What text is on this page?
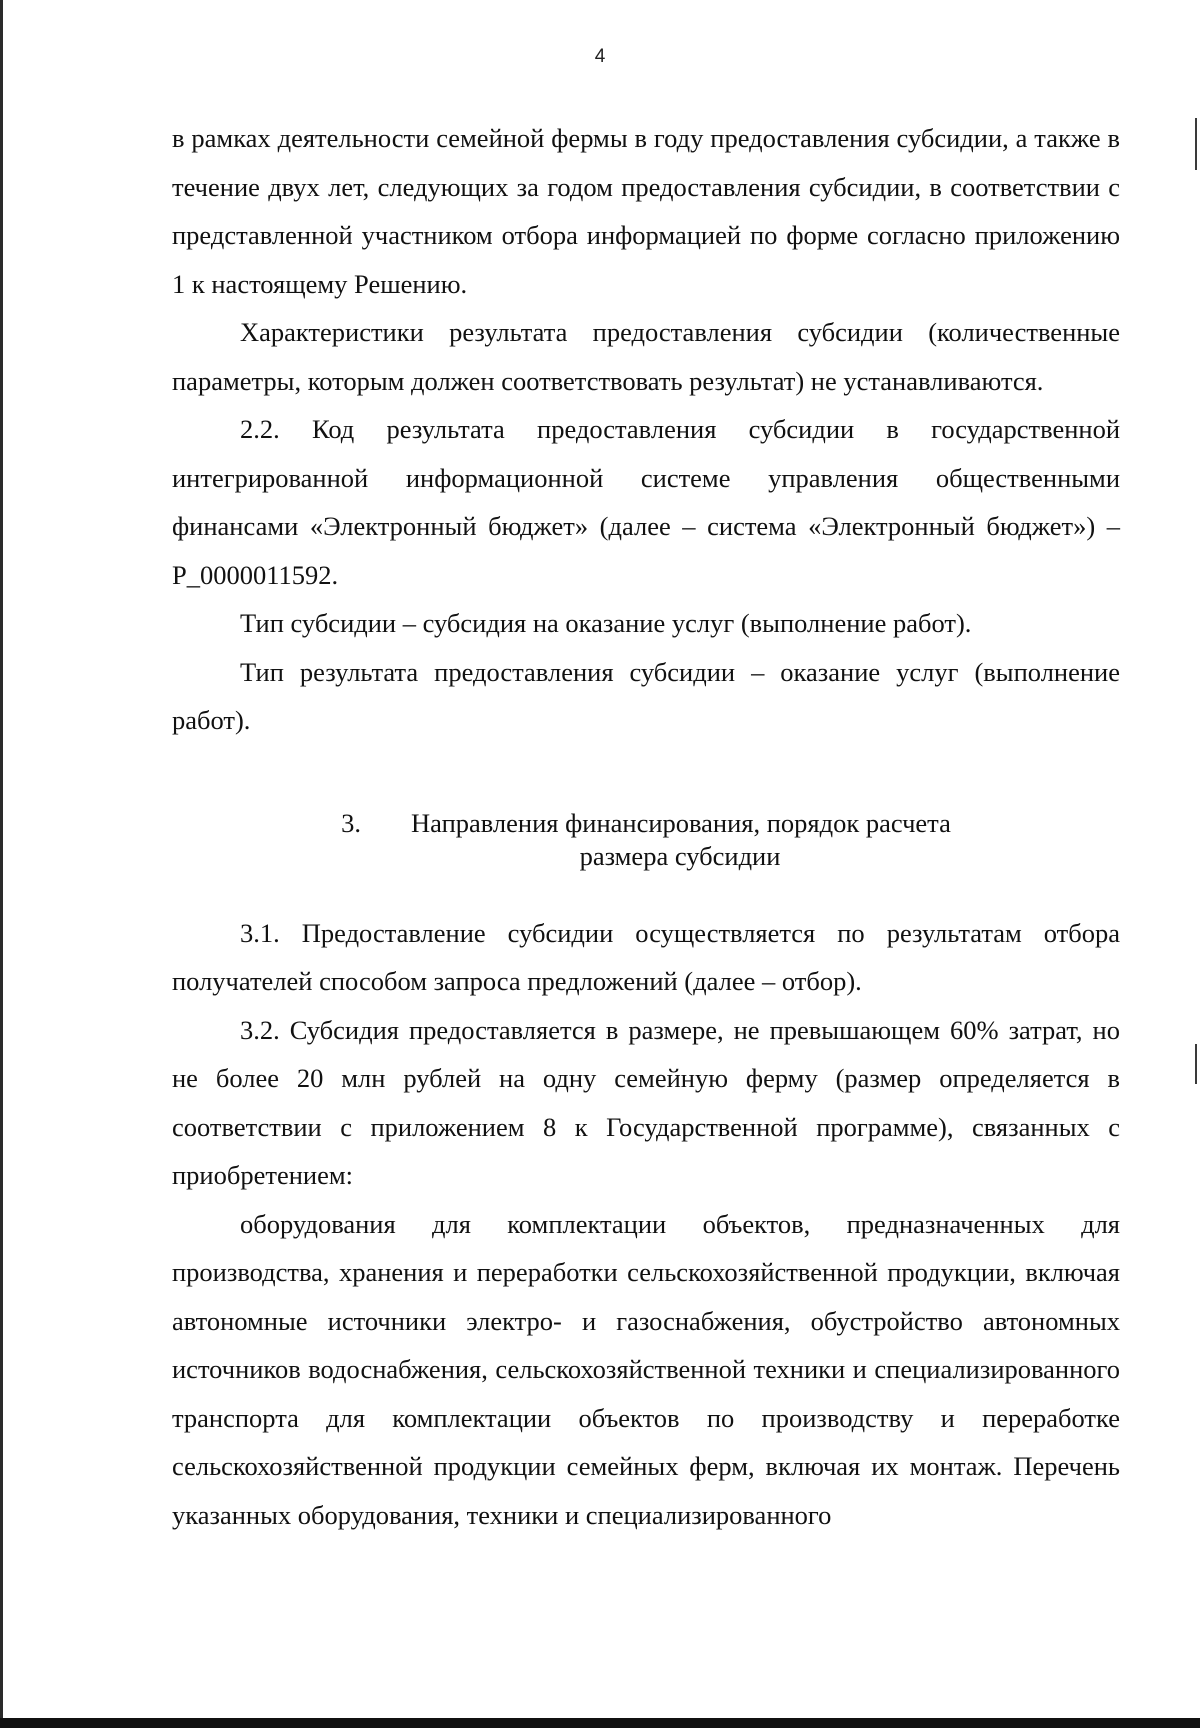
4

в рамках деятельности семейной фермы в году предоставления субсидии, а также в течение двух лет, следующих за годом предоставления субсидии, в соответствии с представленной участником отбора информацией по форме согласно приложению 1 к настоящему Решению.

Характеристики результата предоставления субсидии (количественные параметры, которым должен соответствовать результат) не устанавливаются.

2.2. Код результата предоставления субсидии в государственной интегрированной информационной системе управления общественными финансами «Электронный бюджет» (далее – система «Электронный бюджет») – P_0000011592.

Тип субсидии – субсидия на оказание услуг (выполнение работ).

Тип результата предоставления субсидии – оказание услуг (выполнение работ).

3. Направления финансирования, порядок расчета
размера субсидии

3.1. Предоставление субсидии осуществляется по результатам отбора получателей способом запроса предложений (далее – отбор).

3.2. Субсидия предоставляется в размере, не превышающем 60% затрат, но не более 20 млн рублей на одну семейную ферму (размер определяется в соответствии с приложением 8 к Государственной программе), связанных с приобретением:

оборудования для комплектации объектов, предназначенных для производства, хранения и переработки сельскохозяйственной продукции, включая автономные источники электро- и газоснабжения, обустройство автономных источников водоснабжения, сельскохозяйственной техники и специализированного транспорта для комплектации объектов по производству и переработке сельскохозяйственной продукции семейных ферм, включая их монтаж. Перечень указанных оборудования, техники и специализированного
